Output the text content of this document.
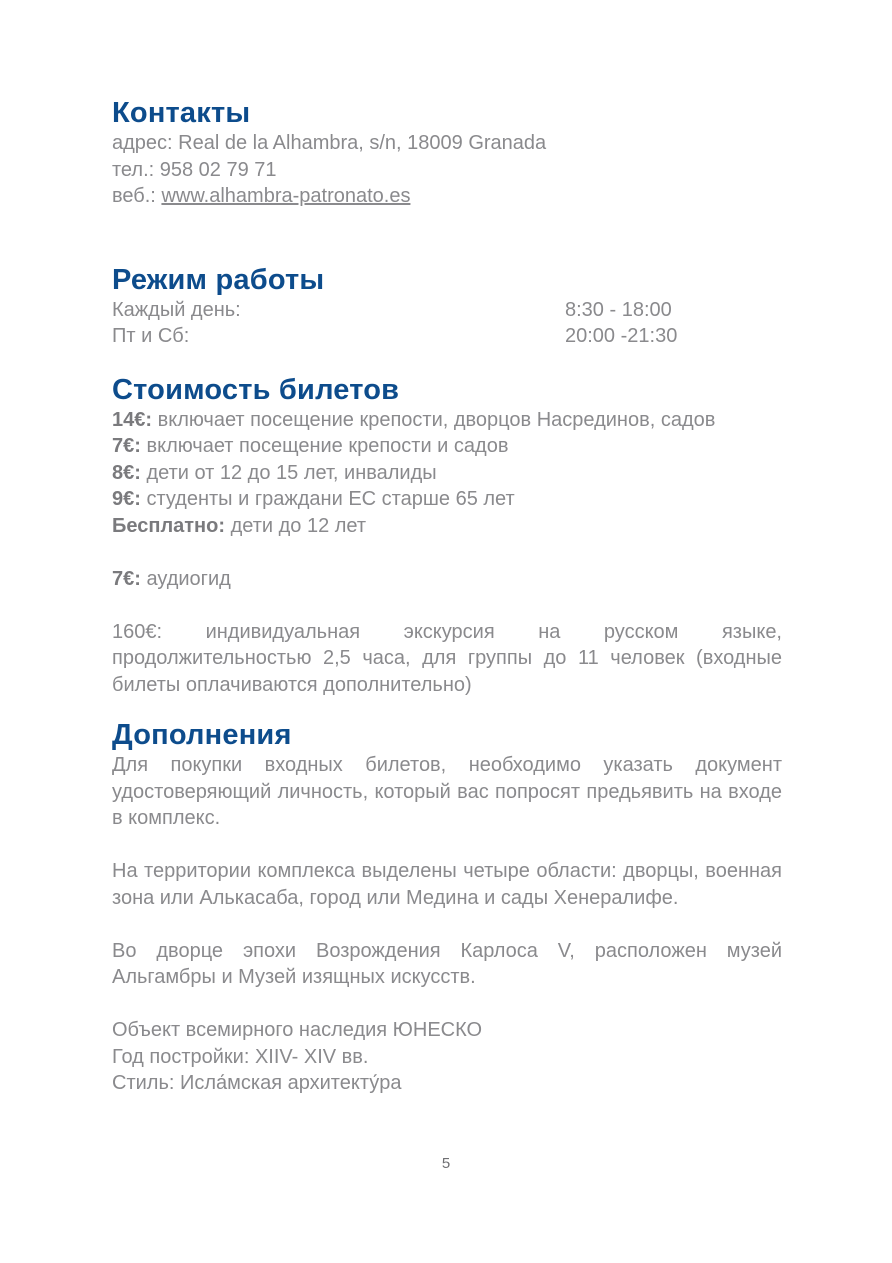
Контакты

адрес: Real de la Alhambra, s/n, 18009 Granada

тел.: 958 02 79 71

веб.: www.alhambra-patronato.es

Режим работы
Каждый день:	8:30 - 18:00
Пт и Сб:	20:00 -21:30
Стоимость билетов

14€: включает посещение крепости, дворцов Насрединов, садов

7€: включает посещение крепости и садов

8€: дети от 12 до 15 лет, инвалиды

9€: студенты и граждани ЕС старше 65 лет

Бесплатно: дети до 12 лет

7€: аудиогид

160€: индивидуальная экскурсия на русском языке, продолжительностью 2,5 часа, для группы до 11 человек (входные билеты оплачиваются дополнительно)

Дополнения

Для покупки входных билетов, необходимо указать документ удостоверяющий личность, который вас попросят предьявить на входе в комплекс.

На территории комплекса выделены четыре области: дворцы, военная зона или Алькасаба, город или Медина и сады Хенералифе.

Во дворце эпохи Возрождения Карлоса V, расположен музей Альгамбры и Музей изящных искусств.

Объект всемирного наследия ЮНЕСКО

Год постройки: XIIV- XIV вв.

Стиль: Исла́мская архитекту́ра

5
